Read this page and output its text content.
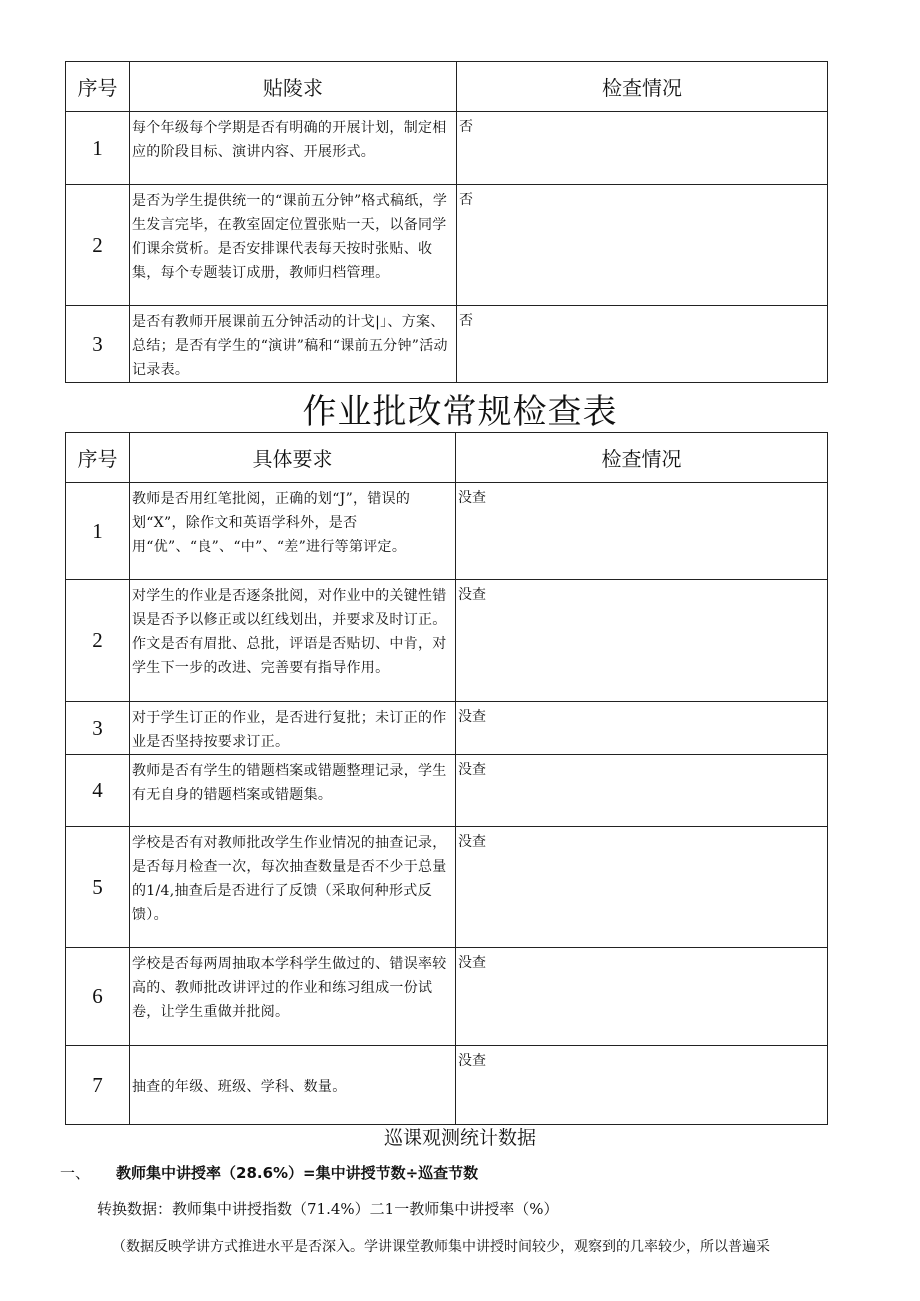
序号	贴陵求	检查情况
1	每个年级每个学期是否有明确的开展计划，制定相应的阶段目标、演讲内容、开展形式。	否
2	是否为学生提供统一的“课前五分钟”格式稿纸，学生发言完毕，在教室固定位置张贴一天，以备同学们课余赏析。是否安排课代表每天按时张贴、收集，每个专题装订成册，教师归档管理。	否
3	是否有教师开展课前五分钟活动的计戈|」、方案、总结；是否有学生的“演讲”稿和“课前五分钟”活动记录表。	否
作业批改常规检查表
序号	具体要求	检查情况
1	教师是否用红笔批阅，正确的划“J”，错误的划“X”，除作文和英语学科外，是否用“优”、“良”、“中”、“差”进行等第评定。	没查
2	对学生的作业是否逐条批阅，对作业中的关键性错误是否予以修正或以红线划出，并要求及时订正。作文是否有眉批、总批，评语是否贴切、中肯，对学生下一步的改进、完善要有指导作用。	没查
3	对于学生订正的作业，是否进行复批；未订正的作业是否坚持按要求订正。	没查
4	教师是否有学生的错题档案或错题整理记录，学生有无自身的错题档案或错题集。	没查
5	学校是否有对教师批改学生作业情况的抽查记录，是否每月检查一次，每次抽查数量是否不少于总量的1/4,抽查后是否进行了反馈（采取何种形式反馈）。	没查
6	学校是否每两周抽取本学科学生做过的、错误率较高的、教师批改讲评过的作业和练习组成一份试卷，让学生重做并批阅。	没查
7	抽查的年级、班级、学科、数量。	没查
巡课观测统计数据
一、 教师集中讲授率（28.6%）=集中讲授节数÷巡查节数
转换数据：教师集中讲授指数（71.4%）二1一教师集中讲授率（%）
（数据反映学讲方式推进水平是否深入。学讲课堂教师集中讲授时间较少，观察到的几率较少，所以普遍采
